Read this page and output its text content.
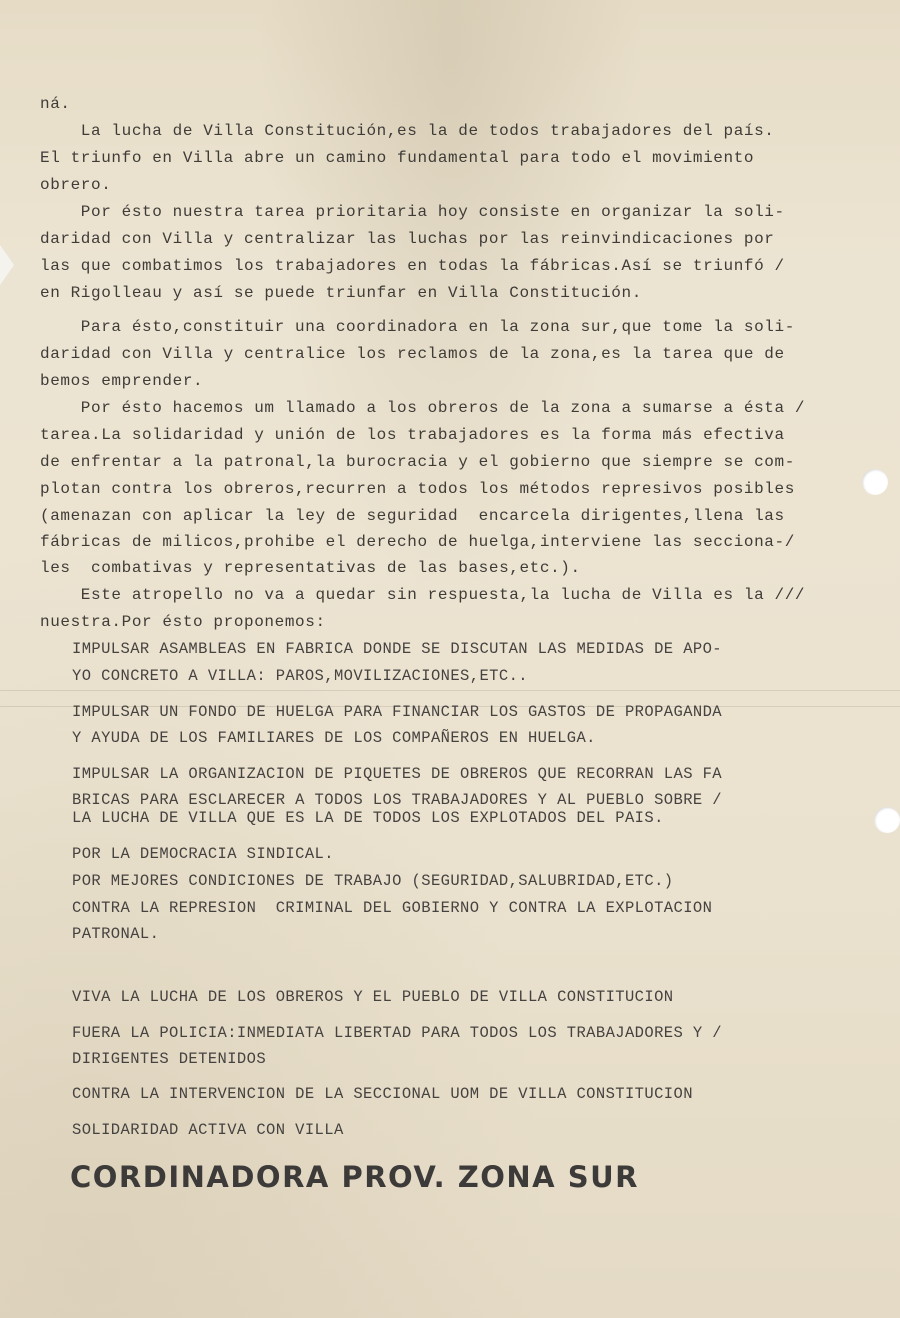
ná.
La lucha de Villa Constitución,es la de todos trabajadores del país.
El triunfo en Villa abre un camino fundamental para todo el movimiento
obrero.
Por ésto nuestra tarea prioritaria hoy consiste en organizar la soli-
daridad con Villa y centralizar las luchas por las reinvindicaciones por
las que combatimos los trabajadores en todas la fábricas.Así se triunfó /
en Rigolleau y así se puede triunfar en Villa Constitución.
Para ésto,constituir una coordinadora en la zona sur,que tome la soli-
daridad con Villa y centralice los reclamos de la zona,es la tarea que de
bemos emprender.
Por ésto hacemos um llamado a los obreros de la zona a sumarse a ésta /
tarea.La solidaridad y unión de los trabajadores es la forma más efectiva
de enfrentar a la patronal,la burocracia y el gobierno que siempre se com-
plotan contra los obreros,recurren a todos los métodos represivos posibles
(amenazan con aplicar la ley de seguridad  encarcela dirigentes,llena las
fábricas de milicos,prohibe el derecho de huelga,interviene las secciona-/
les  combativas y representativas de las bases,etc.).
Este atropello no va a quedar sin respuesta,la lucha de Villa es la ///
nuestra.Por ésto proponemos:
IMPULSAR ASAMBLEAS EN FABRICA DONDE SE DISCUTAN LAS MEDIDAS DE APO-
YO CONCRETO A VILLA: PAROS,MOVILIZACIONES,ETC..
IMPULSAR UN FONDO DE HUELGA PARA FINANCIAR LOS GASTOS DE PROPAGANDA
Y AYUDA DE LOS FAMILIARES DE LOS COMPAÑEROS EN HUELGA.
IMPULSAR LA ORGANIZACION DE PIQUETES DE OBREROS QUE RECORRAN LAS FA
BRICAS PARA ESCLARECER A TODOS LOS TRABAJADORES Y AL PUEBLO SOBRE /
LA LUCHA DE VILLA QUE ES LA DE TODOS LOS EXPLOTADOS DEL PAIS.
POR LA DEMOCRACIA SINDICAL.
POR MEJORES CONDICIONES DE TRABAJO (SEGURIDAD,SALUBRIDAD,ETC.)
CONTRA LA REPRESION  CRIMINAL DEL GOBIERNO Y CONTRA LA EXPLOTACION
PATRONAL.
VIVA LA LUCHA DE LOS OBREROS Y EL PUEBLO DE VILLA CONSTITUCION
FUERA LA POLICIA:INMEDIATA LIBERTAD PARA TODOS LOS TRABAJADORES Y /
DIRIGENTES DETENIDOS
CONTRA LA INTERVENCION DE LA SECCIONAL UOM DE VILLA CONSTITUCION
SOLIDARIDAD ACTIVA CON VILLA
CORDINADORA PROV. ZONA SUR
